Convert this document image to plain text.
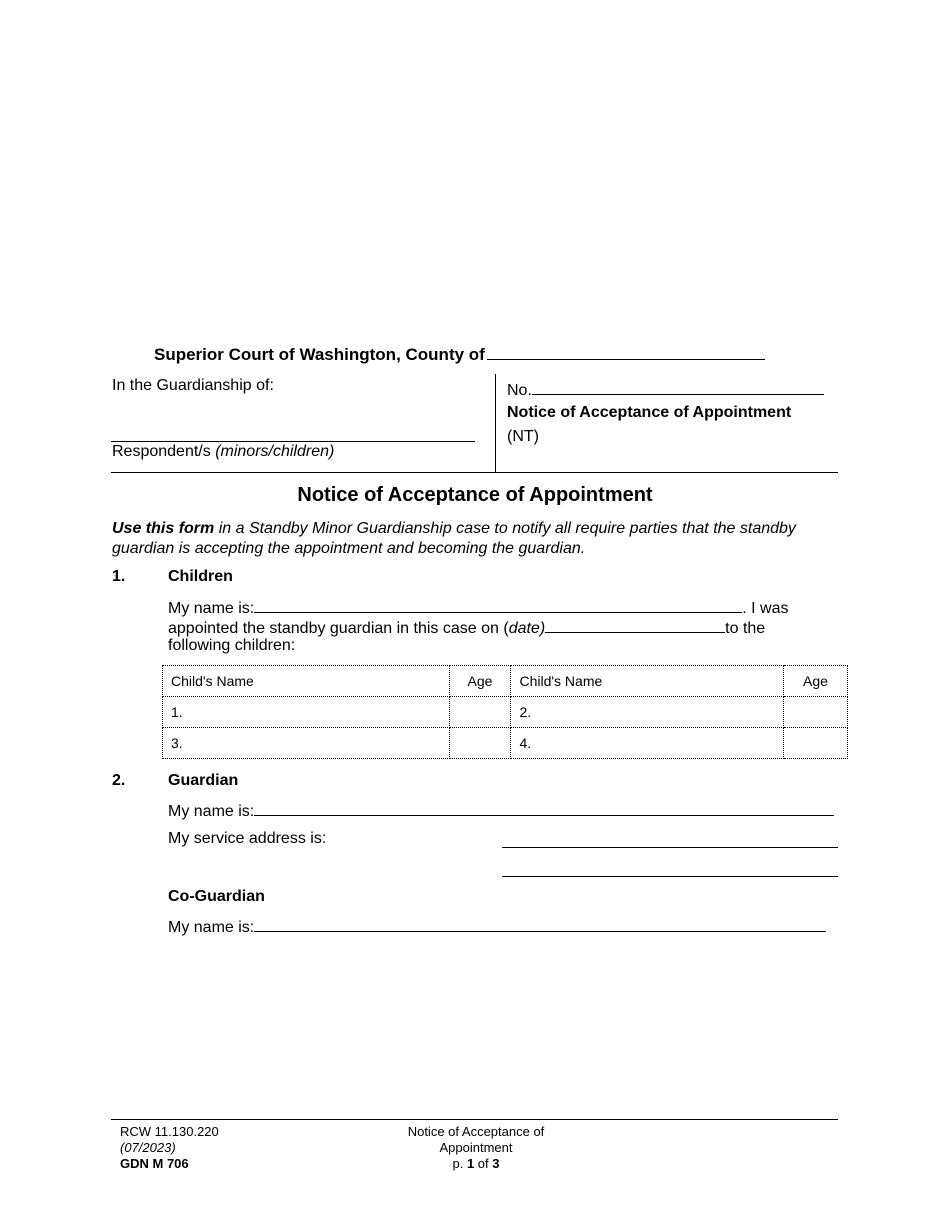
Superior Court of Washington, County of
In the Guardianship of:
Respondent/s (minors/children)
No.
Notice of Acceptance of Appointment
(NT)
Notice of Acceptance of Appointment
Use this form in a Standby Minor Guardianship case to notify all require parties that the standby guardian is accepting the appointment and becoming the guardian.
1.	Children
My name is:	. I was
appointed the standby guardian in this case on (date)	to the
following children:
Child's Name	Age	Child's Name	Age
1.		2.	
3.		4.	
2.	Guardian
My name is:
My service address is:
Co-Guardian
My name is:
RCW 11.130.220
(07/2023)
GDN M 706
Notice of Acceptance of
Appointment
p. 1 of 3
